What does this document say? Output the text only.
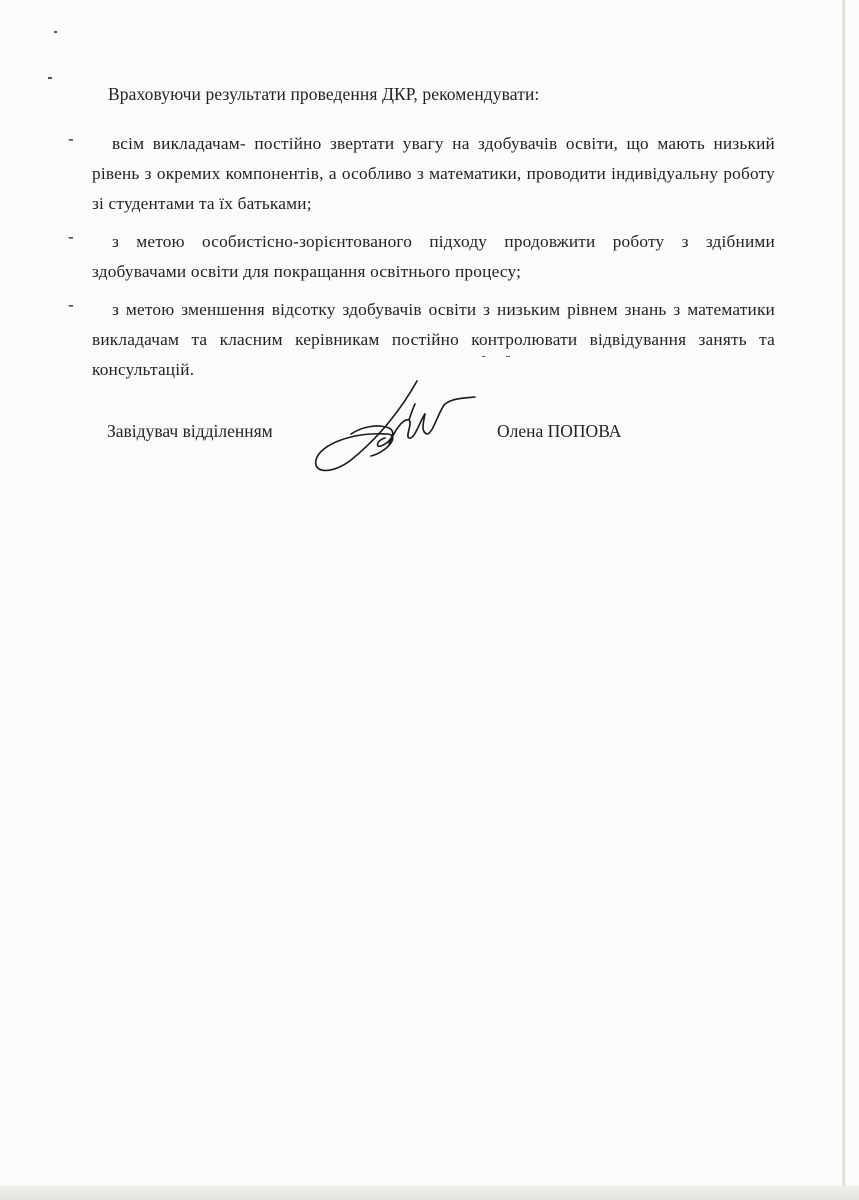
Враховуючи результати проведення ДКР, рекомендувати:
-	всім викладачам- постійно звертати увагу на здобувачів освіти, що мають низький рівень з окремих компонентів, а особливо з математики, проводити індивідуальну роботу зі студентами та їх батьками;
-	з метою особистісно-зорієнтованого підходу продовжити роботу з здібними здобувачами освіти для покращання освітнього процесу;
-	з метою зменшення відсотку здобувачів освіти з низьким рівнем знань з математики викладачам та класним керівникам постійно контролювати відвідування занять та консультацій.
Завідувач відділенням	Олена ПОПОВА
